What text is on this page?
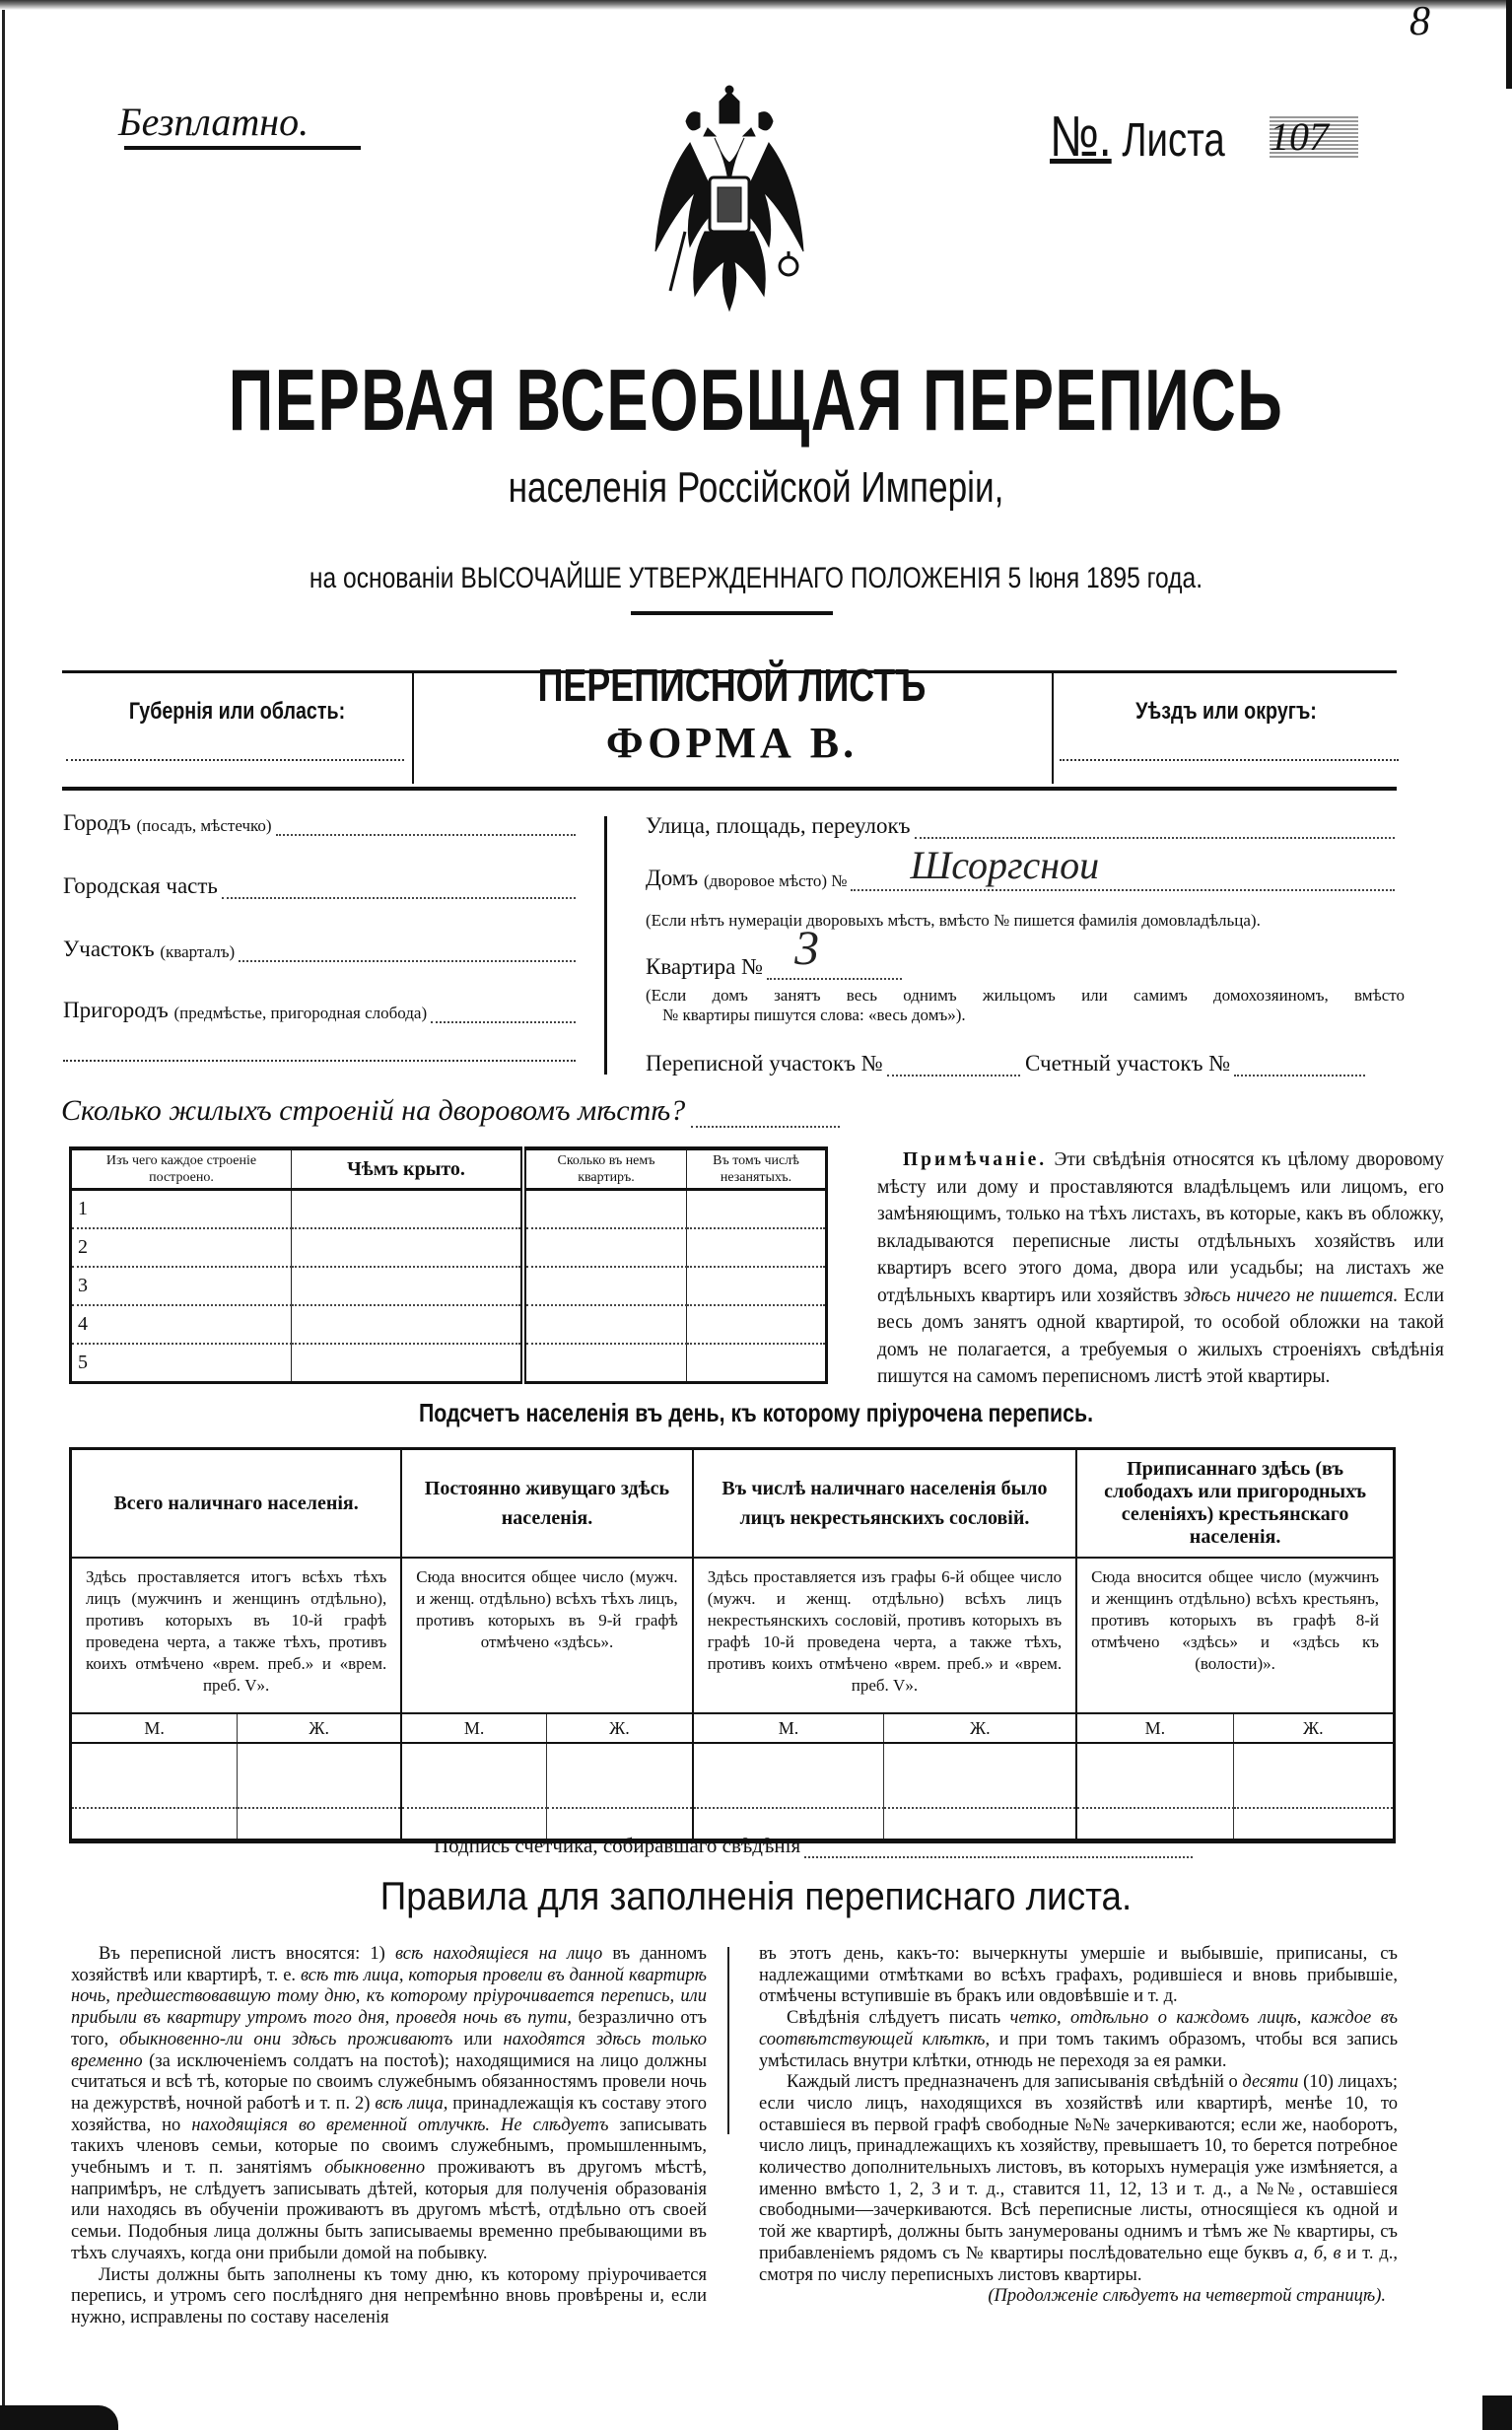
Безплатно.
8
№. Листа 107
ПЕРВАЯ ВСЕОБЩАЯ ПЕРЕПИСЬ
населенія Россійской Имперіи,
на основаніи ВЫСОЧАЙШЕ УТВЕРЖДЕННАГО ПОЛОЖЕНІЯ 5 Іюня 1895 года.
Губернія или область:
ПЕРЕПИСНОЙ ЛИСТЪ
ФОРМА В.
Уѣздъ или округъ:
Городъ
(посадъ, мѣстечко)
Городская часть
Участокъ
(кварталъ)
Пригородъ
(предмѣстье, пригородная слобода)
Улица, площадь, переулокъ
Домъ
(дворовое мѣсто) № Шсоргснои
(Если нѣтъ нумераціи дворовыхъ мѣстъ, вмѣсто № пишется фамилія домовладѣльца).
Квартира № 3
(Если домъ занятъ весь однимъ жильцомъ или самимъ домохозяиномъ, вмѣсто
№ квартиры пишутся слова: «весь домъ»).
Переписной участокъ №	Счетный участокъ №
Сколько жилыхъ строеній на дворовомъ мѣстѣ?
Изъ чего каждое строеніе построено.	Чѣмъ крыто.	Сколько въ немъ квартиръ.	Въ томъ числѣ незанятыхъ.
1			
2			
3			
4			
5			
Примѣчаніе. Эти свѣдѣнія относятся къ цѣлому дворовому мѣсту или дому и проставляются владѣльцемъ или лицомъ, его замѣняющимъ, только на тѣхъ листахъ, въ которые, какъ въ обложку, вкладываются переписные листы отдѣльныхъ хозяйствъ или квартиръ всего этого дома, двора или усадьбы; на листахъ же отдѣльныхъ квартиръ или хозяйствъ здѣсь ничего не пишется. Если весь домъ занятъ одной квартирой, то особой обложки на такой домъ не полагается, а требуемыя о жилыхъ строеніяхъ свѣдѣнія пишутся на самомъ переписномъ листѣ этой квартиры.
Подсчетъ населенія въ день, къ которому пріурочена перепись.
Всего наличнаго населенія.		Постоянно живущаго здѣсь населенія.		Въ числѣ наличнаго населенія было лицъ некрестьянскихъ сословій.		Приписаннаго здѣсь (въ слободахъ или пригородныхъ селеніяхъ) крестьянскаго населенія.	
Здѣсь проставляется итогъ всѣхъ тѣхъ лицъ (мужчинъ и женщинъ отдѣльно), противъ которыхъ въ 10-й графѣ проведена черта, а также тѣхъ, противъ коихъ отмѣчено «врем. преб.» и «врем. преб. V».		Сюда вносится общее число (мужч. и женщ. отдѣльно) всѣхъ тѣхъ лицъ, противъ которыхъ въ 9-й графѣ отмѣчено «здѣсь».		Здѣсь проставляется изъ графы 6-й общее число (мужч. и женщ. отдѣльно) всѣхъ лицъ некрестьянскихъ сословій, противъ которыхъ въ графѣ 10-й проведена черта, а также тѣхъ, противъ коихъ отмѣчено «врем. преб.» и «врем. преб. V».		Сюда вносится общее число (мужчинъ и женщинъ отдѣльно) всѣхъ крестьянъ, противъ которыхъ въ графѣ 8-й отмѣчено «здѣсь» и «здѣсь къ (волости)».	
М.	Ж.	М.	Ж.	М.	Ж.	М.	Ж.

Подпись счетчика, собиравшаго свѣдѣнія
Правила для заполненія переписнаго листа.

Въ переписной листъ вносятся: 1) всѣ находящіеся на лицо въ данномъ хозяйствѣ или квартирѣ, т. е. всѣ тѣ лица, которыя провели въ данной квартирѣ ночь, предшествовавшую тому дню, къ которому пріурочивается перепись, или прибыли въ квартиру утромъ того дня, проведя ночь въ пути, безразлично отъ того, обыкновенно-ли они здѣсь проживаютъ или находятся здѣсь только временно (за исключеніемъ солдатъ на постоѣ); находящимися на лицо должны считаться и всѣ тѣ, которые по своимъ служебнымъ обязанностямъ провели ночь на дежурствѣ, ночной работѣ и т. п. 2) всѣ лица, принадлежащія къ составу этого хозяйства, но находящіяся во временной отлучкѣ. Не слѣдуетъ записывать такихъ членовъ семьи, которые по своимъ служебнымъ, промышленнымъ, учебнымъ и т. п. занятіямъ обыкновенно проживаютъ въ другомъ мѣстѣ, напримѣръ, не слѣдуетъ записывать дѣтей, которыя для полученія образованія или находясь въ обученіи проживаютъ въ другомъ мѣстѣ, отдѣльно отъ своей семьи. Подобныя лица должны быть записываемы временно пребывающими въ тѣхъ случаяхъ, когда они прибыли домой на побывку.

Листы должны быть заполнены къ тому дню, къ которому пріурочивается перепись, и утромъ сего послѣдняго дня непремѣнно вновь провѣрены и, если нужно, исправлены по составу населенія

въ этотъ день, какъ-то: вычеркнуты умершіе и выбывшіе, приписаны, съ надлежащими отмѣтками во всѣхъ графахъ, родившіеся и вновь прибывшіе, отмѣчены вступившіе въ бракъ или овдовѣвшіе и т. д.

Свѣдѣнія слѣдуетъ писать четко, отдѣльно о каждомъ лицѣ, каждое въ соотвѣтствующей клѣткѣ, и при томъ такимъ образомъ, чтобы вся запись умѣстилась внутри клѣтки, отнюдь не переходя за ея рамки.

Каждый листъ предназначенъ для записыванія свѣдѣній о десяти (10) лицахъ; если число лицъ, находящихся въ хозяйствѣ или квартирѣ, менѣе 10, то оставшіеся въ первой графѣ свободные №№ зачеркиваются; если же, наоборотъ, число лицъ, принадлежащихъ къ хозяйству, превышаетъ 10, то берется потребное количество дополнительныхъ листовъ, въ которыхъ нумерація уже измѣняется, а именно вмѣсто 1, 2, 3 и т. д., ставится 11, 12, 13 и т. д., а №№, оставшіеся свободными—зачеркиваются. Всѣ переписные листы, относящіеся къ одной и той же квартирѣ, должны быть занумерованы однимъ и тѣмъ же № квартиры, съ прибавленіемъ рядомъ съ № квартиры послѣдовательно еще буквъ а, б, в и т. д., смотря по числу переписныхъ листовъ квартиры.

(Продолженіе слѣдуетъ на четвертой страницѣ).
